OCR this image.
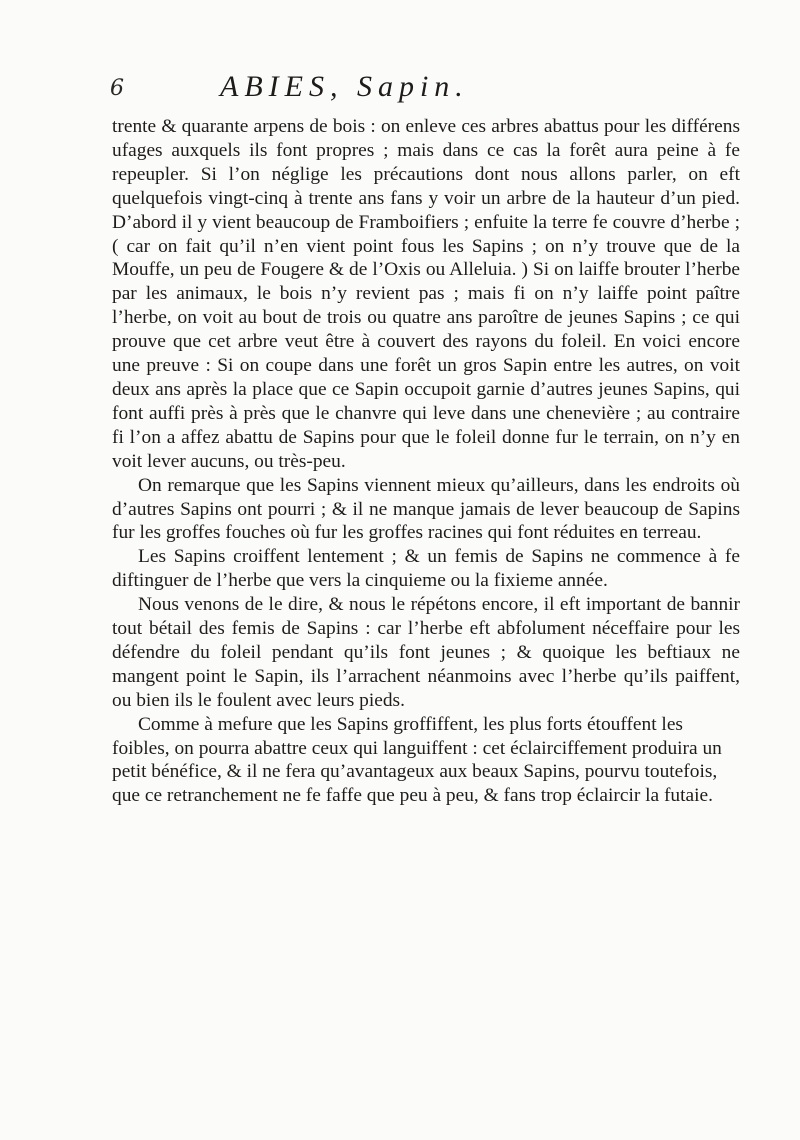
6	ABIES, Sapin.

trente & quarante arpens de bois : on enleve ces arbres abattus pour les différens ufages auxquels ils font propres ; mais dans ce cas la forêt aura peine à fe repeupler. Si l’on néglige les précautions dont nous allons parler, on eft quelquefois vingt-cinq à trente ans fans y voir un arbre de la hauteur d’un pied. D’abord il y vient beaucoup de Framboifiers ; enfuite la terre fe couvre d’herbe ; ( car on fait qu’il n’en vient point fous les Sapins ; on n’y trouve que de la Mouffe, un peu de Fougere & de l’Oxis ou Alleluia. ) Si on laiffe brouter l’herbe par les animaux, le bois n’y revient pas ; mais fi on n’y laiffe point paître l’herbe, on voit au bout de trois ou quatre ans paroître de jeunes Sapins ; ce qui prouve que cet arbre veut être à couvert des rayons du foleil. En voici encore une preuve : Si on coupe dans une forêt un gros Sapin entre les autres, on voit deux ans après la place que ce Sapin occupoit garnie d’autres jeunes Sapins, qui font auffi près à près que le chanvre qui leve dans une chenevière ; au contraire fi l’on a affez abattu de Sapins pour que le foleil donne fur le terrain, on n’y en voit lever aucuns, ou très-peu.

On remarque que les Sapins viennent mieux qu’ailleurs, dans les endroits où d’autres Sapins ont pourri ; & il ne manque jamais de lever beaucoup de Sapins fur les groffes fouches où fur les groffes racines qui font réduites en terreau.

Les Sapins croiffent lentement ; & un femis de Sapins ne commence à fe diftinguer de l’herbe que vers la cinquieme ou la fixieme année.

Nous venons de le dire, & nous le répétons encore, il eft important de bannir tout bétail des femis de Sapins : car l’herbe eft abfolument néceffaire pour les défendre du foleil pendant qu’ils font jeunes ; & quoique les beftiaux ne mangent point le Sapin, ils l’arrachent néanmoins avec l’herbe qu’ils paiffent, ou bien ils le foulent avec leurs pieds.

Comme à mefure que les Sapins groffiffent, les plus forts étouffent les foibles, on pourra abattre ceux qui languiffent : cet éclairciffement produira un petit bénéfice, & il ne fera qu’avantageux aux beaux Sapins, pourvu toutefois, que ce retranchement ne fe faffe que peu à peu, & fans trop éclaircir la futaie.
